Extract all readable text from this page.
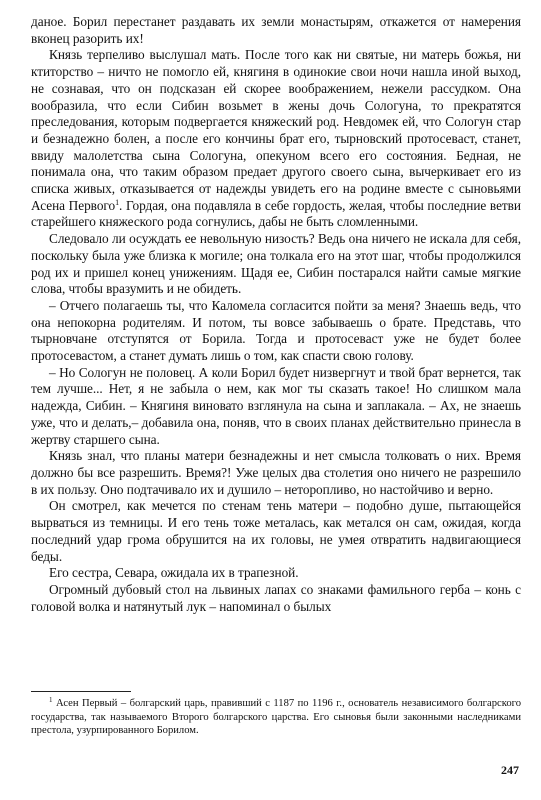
даное. Борил перестанет раздавать их земли монастырям, откажется от намерения вконец разорить их!

Князь терпеливо выслушал мать. После того как ни святые, ни матерь божья, ни ктиторство – ничто не помогло ей, княгиня в одинокие свои ночи нашла иной выход, не сознавая, что он подсказан ей скорее воображением, нежели рассудком. Она вообразила, что если Сибин возьмет в жены дочь Сологуна, то прекратятся преследования, которым подвергается княжеский род. Невдомек ей, что Сологун стар и безнадежно болен, а после его кончины брат его, тырновский протосевaст, станет, ввиду малолетства сына Сологуна, опекуном всего его состояния. Бедная, не понимала она, что таким образом предает другого своего сына, вычеркивает его из списка живых, отказывается от надежды увидеть его на родине вместе с сыновьями Асена Первого$^1$. Гордая, она подавляла в себе гордость, желая, чтобы последние ветви старейшего княжеского рода согнулись, дабы не быть сломленными.

Следовало ли осуждать ее невольную низость? Ведь она ничего не искала для себя, поскольку была уже близка к могиле; она толкала его на этот шаг, чтобы продолжился род их и пришел конец унижениям. Щадя ее, Сибин постарался найти самые мягкие слова, чтобы вразумить и не обидеть.

– Отчего полагаешь ты, что Каломела согласится пойти за меня? Знаешь ведь, что она непокорна родителям. И потом, ты вовсе забываешь о брате. Представь, что тырновчане отступятся от Борила. Тогда и протосевaст уже не будет более протосевастом, а станет думать лишь о том, как спасти свою голову.

– Но Сологун не половец. А коли Борил будет низвергнут и твой брат вернется, так тем лучше... Нет, я не забыла о нем, как мог ты сказать такое! Но слишком мала надежда, Сибин. – Княгиня виновато взглянула на сына и заплакала. – Ах, не знаешь уже, что и делать,– добавила она, поняв, что в своих планах действительно принесла в жертву старшего сына.

Князь знал, что планы матери безнадежны и нет смысла толковать о них. Время должно бы все разрешить. Время?! Уже целых два столетия оно ничего не разрешило в их пользу. Оно подтачивало их и душило – неторопливо, но настойчиво и верно.

Он смотрел, как мечется по стенам тень матери – подобно душе, пытающейся вырваться из темницы. И его тень тоже металась, как метался он сам, ожидая, когда последний удар грома обрушится на их головы, не умея отвратить надвигающиеся беды.

Его сестра, Севара, ожидала их в трапезной.

Огромный дубовый стол на львиных лапах со знаками фамильного герба – конь с головой волка и натянутый лук – напоминал о былых

$^1$ Асен Первый – болгарский царь, правивший с 1187 по 1196 г., основатель независимого болгарского государства, так называемого Второго болгарского царства. Его сыновья были законными наследниками престола, узурпированного Борилом.
247
